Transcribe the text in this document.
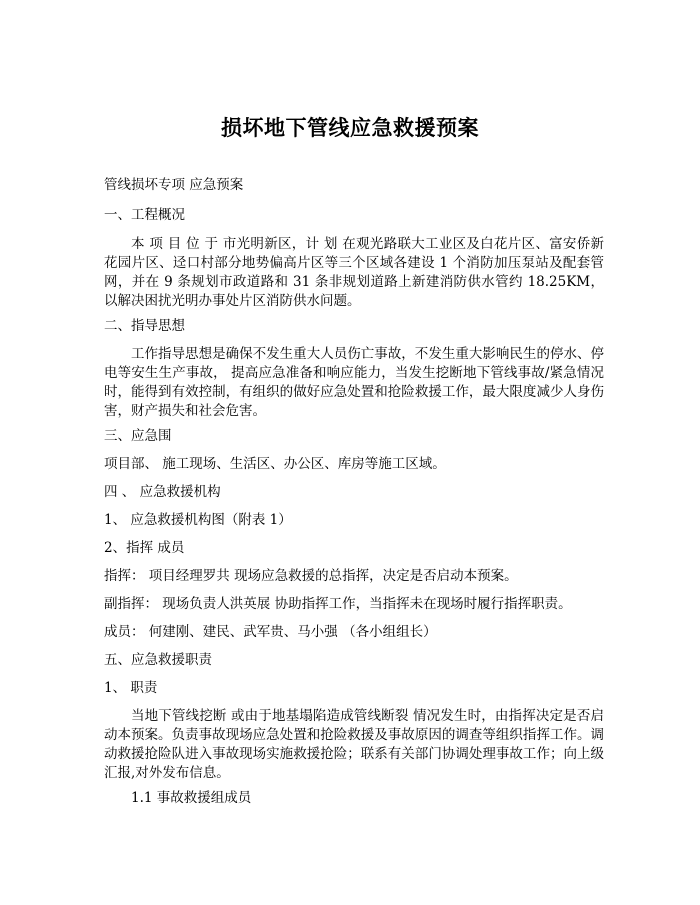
损坏地下管线应急救援预案
管线损坏专项 应急预案
一、工程概况
本 项 目 位 于 市光明新区，计 划 在观光路联大工业区及白花片区、富安侨新花园片区、迳口村部分地势偏高片区等三个区域各建设 1 个消防加压泵站及配套管网，并在 9 条规划市政道路和 31 条非规划道路上新建消防供水管约 18.25KM，以解决困扰光明办事处片区消防供水问题。
二、指导思想
工作指导思想是确保不发生重大人员伤亡事故，不发生重大影响民生的停水、停电等安生生产事故， 提高应急准备和响应能力，当发生挖断地下管线事故/紧急情况时，能得到有效控制，有组织的做好应急处置和抢险救援工作，最大限度减少人身伤害，财产损失和社会危害。
三、应急围
项目部、 施工现场、生活区、办公区、库房等施工区域。
四 、 应急救援机构
1、 应急救援机构图（附表 1）
2、指挥 成员
指挥： 项目经理罗共 现场应急救援的总指挥，决定是否启动本预案。
副指挥： 现场负责人洪英展 协助指挥工作，当指挥未在现场时履行指挥职责。
成员： 何建刚、建民、武军贵、马小强 （各小组组长）
五、应急救援职责
1、 职责
当地下管线挖断 或由于地基塌陷造成管线断裂 情况发生时，由指挥决定是否启动本预案。负责事故现场应急处置和抢险救援及事故原因的调查等组织指挥工作。调动救援抢险队进入事故现场实施救援抢险；联系有关部门协调处理事故工作；向上级汇报,对外发布信息。
1.1 事故救援组成员
